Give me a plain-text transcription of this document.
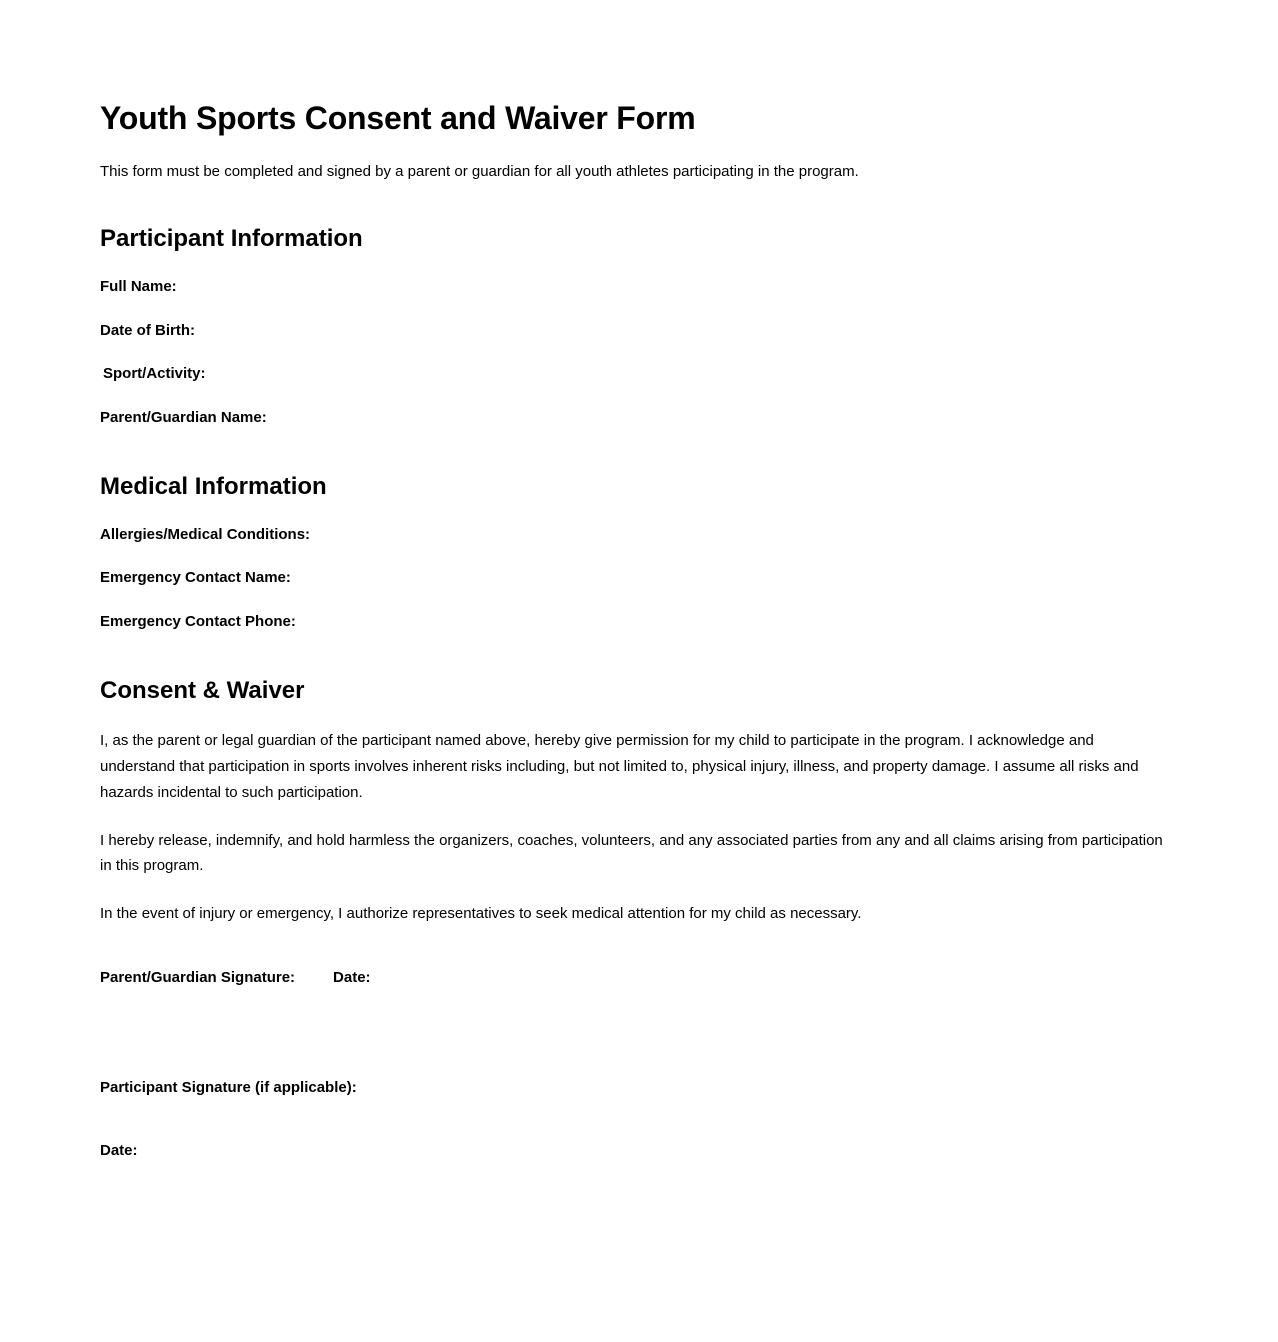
Youth Sports Consent and Waiver Form

This form must be completed and signed by a parent or guardian for all youth athletes participating in the program.

Participant Information

Full Name:

Date of Birth:

Sport/Activity:

Parent/Guardian Name:

Medical Information

Allergies/Medical Conditions:

Emergency Contact Name:

Emergency Contact Phone:

Consent & Waiver

I, as the parent or legal guardian of the participant named above, hereby give permission for my child to participate in the program. I acknowledge and understand that participation in sports involves inherent risks including, but not limited to, physical injury, illness, and property damage. I assume all risks and hazards incidental to such participation.

I hereby release, indemnify, and hold harmless the organizers, coaches, volunteers, and any associated parties from any and all claims arising from participation in this program.

In the event of injury or emergency, I authorize representatives to seek medical attention for my child as necessary.

Parent/Guardian Signature:	Date:

Participant Signature (if applicable):

Date:
